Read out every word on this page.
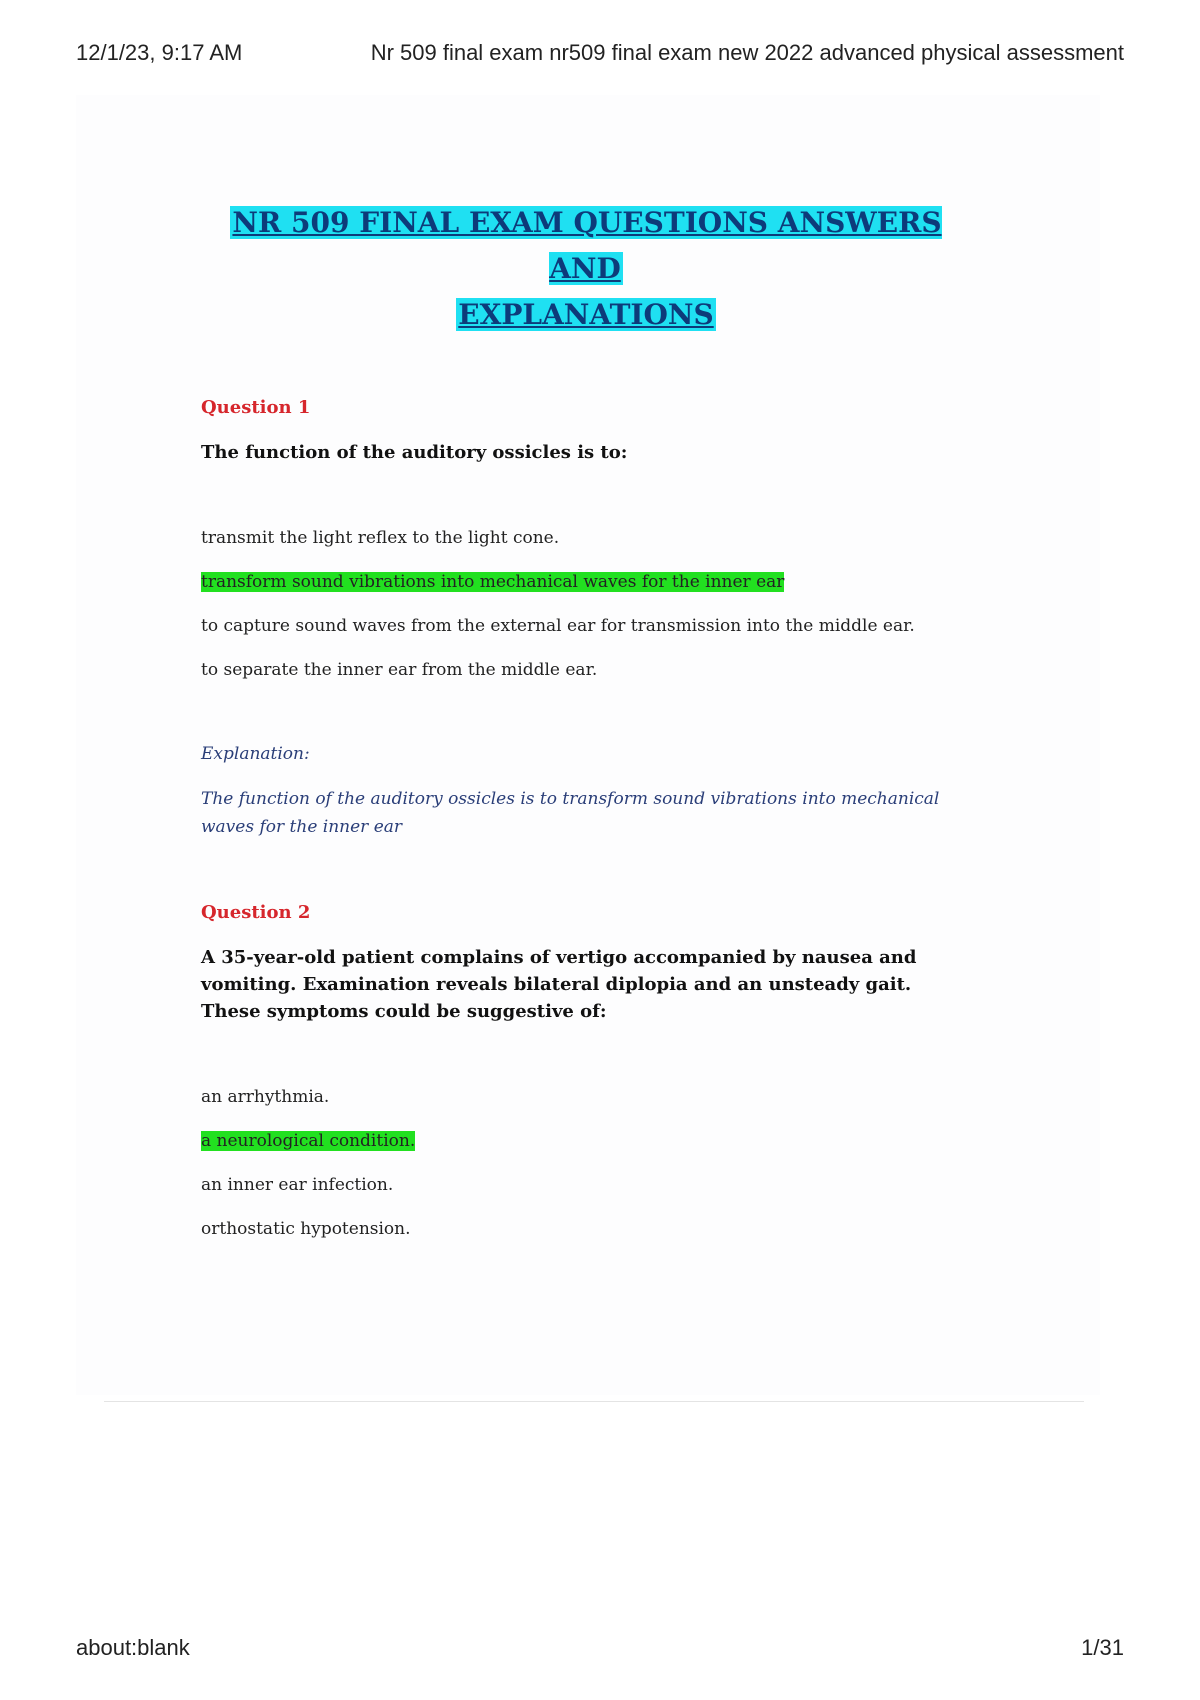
12/1/23, 9:17 AM	Nr 509 final exam nr509 final exam new 2022 advanced physical assessment
NR 509 FINAL EXAM QUESTIONS ANSWERS AND
EXPLANATIONS
Question 1
The function of the auditory ossicles is to:
transmit the light reflex to the light cone.
transform sound vibrations into mechanical waves for the inner ear
to capture sound waves from the external ear for transmission into the middle ear.
to separate the inner ear from the middle ear.
Explanation:
The function of the auditory ossicles is to transform sound vibrations into mechanical waves for the inner ear
Question 2
A 35-year-old patient complains of vertigo accompanied by nausea and vomiting. Examination reveals bilateral diplopia and an unsteady gait. These symptoms could be suggestive of:
an arrhythmia.
a neurological condition.
an inner ear infection.
orthostatic hypotension.
about:blank	1/31
